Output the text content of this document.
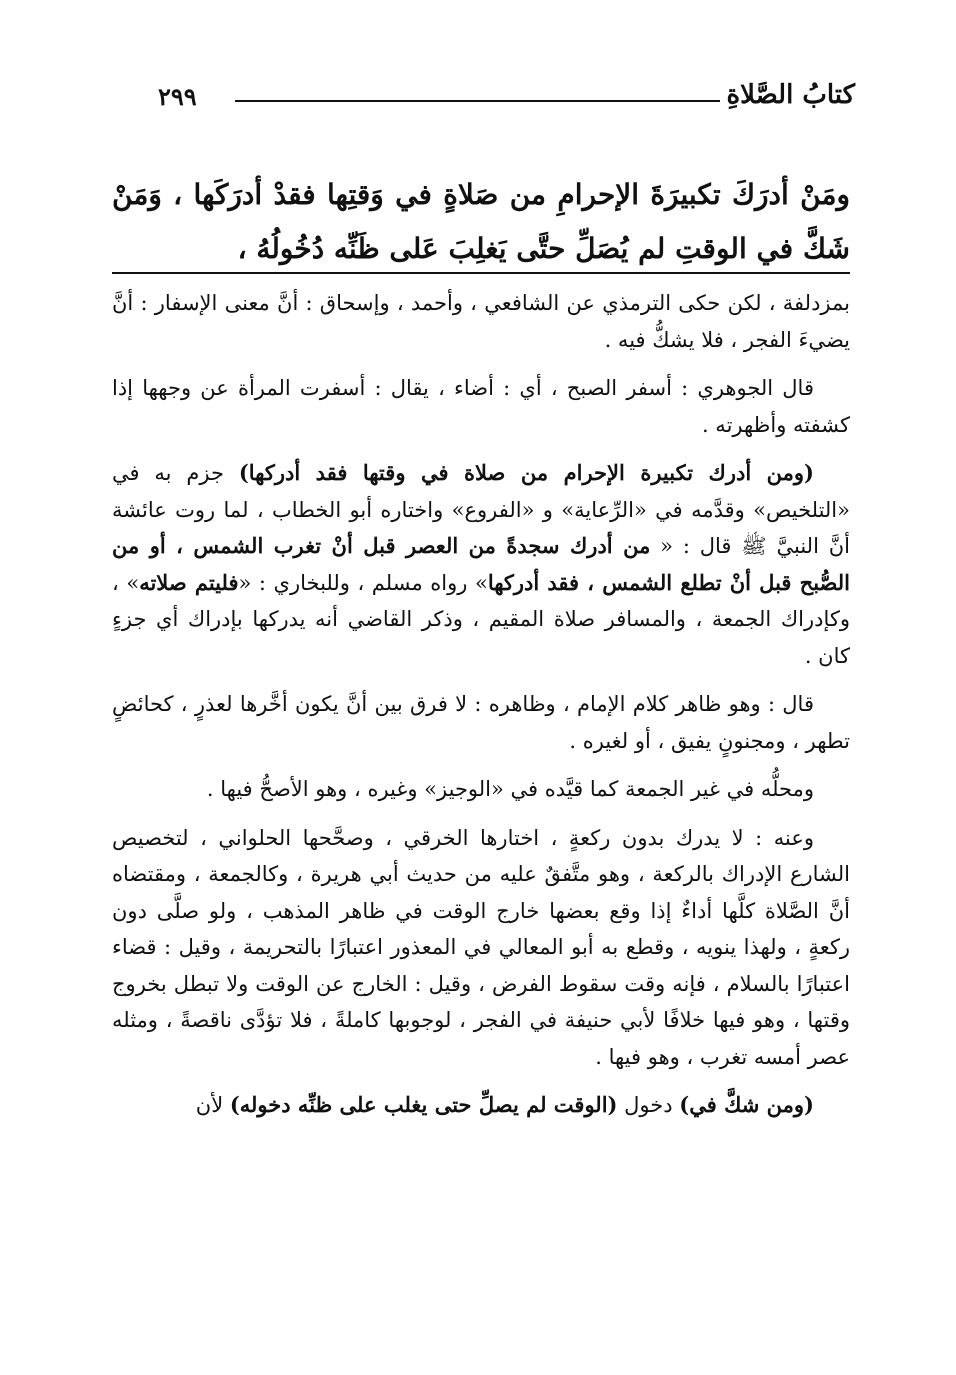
٢٩٩	كتابُ الصَّلاةِ
ومَنْ أدرَكَ تكبيرَةَ الإحرامِ من صَلاةٍ في وَقتِها فقدْ أدرَكَها ، وَمَنْ شَكَّ في الوقتِ لم يُصَلِّ حتَّى يَغلِبَ عَلى ظَنِّه دُخُولُهُ ،

بمزدلفة ، لكن حكى الترمذي عن الشافعي ، وأحمد ، وإسحاق : أنَّ معنى الإسفار : أنَّ يضيءَ الفجر ، فلا يشكُّ فيه .

قال الجوهري : أسفر الصبح ، أي : أضاء ، يقال : أسفرت المرأة عن وجهها إذا كشفته وأظهرته .

(ومن أدرك تكبيرة الإحرام من صلاة في وقتها فقد أدركها) جزم به في «التلخيص» وقدَّمه في «الرِّعاية» و «الفروع» واختاره أبو الخطاب ، لما روت عائشة أنَّ النبيَّ ﷺ قال : « من أدرك سجدةً من العصر قبل أنْ تغرب الشمس ، أو من الصُّبح قبل أنْ تطلع الشمس ، فقد أدركها» رواه مسلم ، وللبخاري : «فليتم صلاته» ، وكإدراك الجمعة ، والمسافر صلاة المقيم ، وذكر القاضي أنه يدركها بإدراك أي جزءٍ كان .

قال : وهو ظاهر كلام الإمام ، وظاهره : لا فرق بين أنَّ يكون أخَّرها لعذرٍ ، كحائضٍ تطهر ، ومجنونٍ يفيق ، أو لغيره .

ومحلُّه في غير الجمعة كما قيَّده في «الوجيز» وغيره ، وهو الأصحُّ فيها .

وعنه : لا يدرك بدون ركعةٍ ، اختارها الخرقي ، وصحَّحها الحلواني ، لتخصيص الشارع الإدراك بالركعة ، وهو متَّفقٌ عليه من حديث أبي هريرة ، وكالجمعة ، ومقتضاه أنَّ الصَّلاة كلَّها أداءٌ إذا وقع بعضها خارج الوقت في ظاهر المذهب ، ولو صلَّى دون ركعةٍ ، ولهذا ينويه ، وقطع به أبو المعالي في المعذور اعتبارًا بالتحريمة ، وقيل : قضاء اعتبارًا بالسلام ، فإنه وقت سقوط الفرض ، وقيل : الخارج عن الوقت ولا تبطل بخروج وقتها ، وهو فيها خلافًا لأبي حنيفة في الفجر ، لوجوبها كاملةً ، فلا تؤدَّى ناقصةً ، ومثله عصر أمسه تغرب ، وهو فيها .

(ومن شكَّ في) دخول (الوقت لم يصلِّ حتى يغلب على ظنِّه دخوله) لأن
